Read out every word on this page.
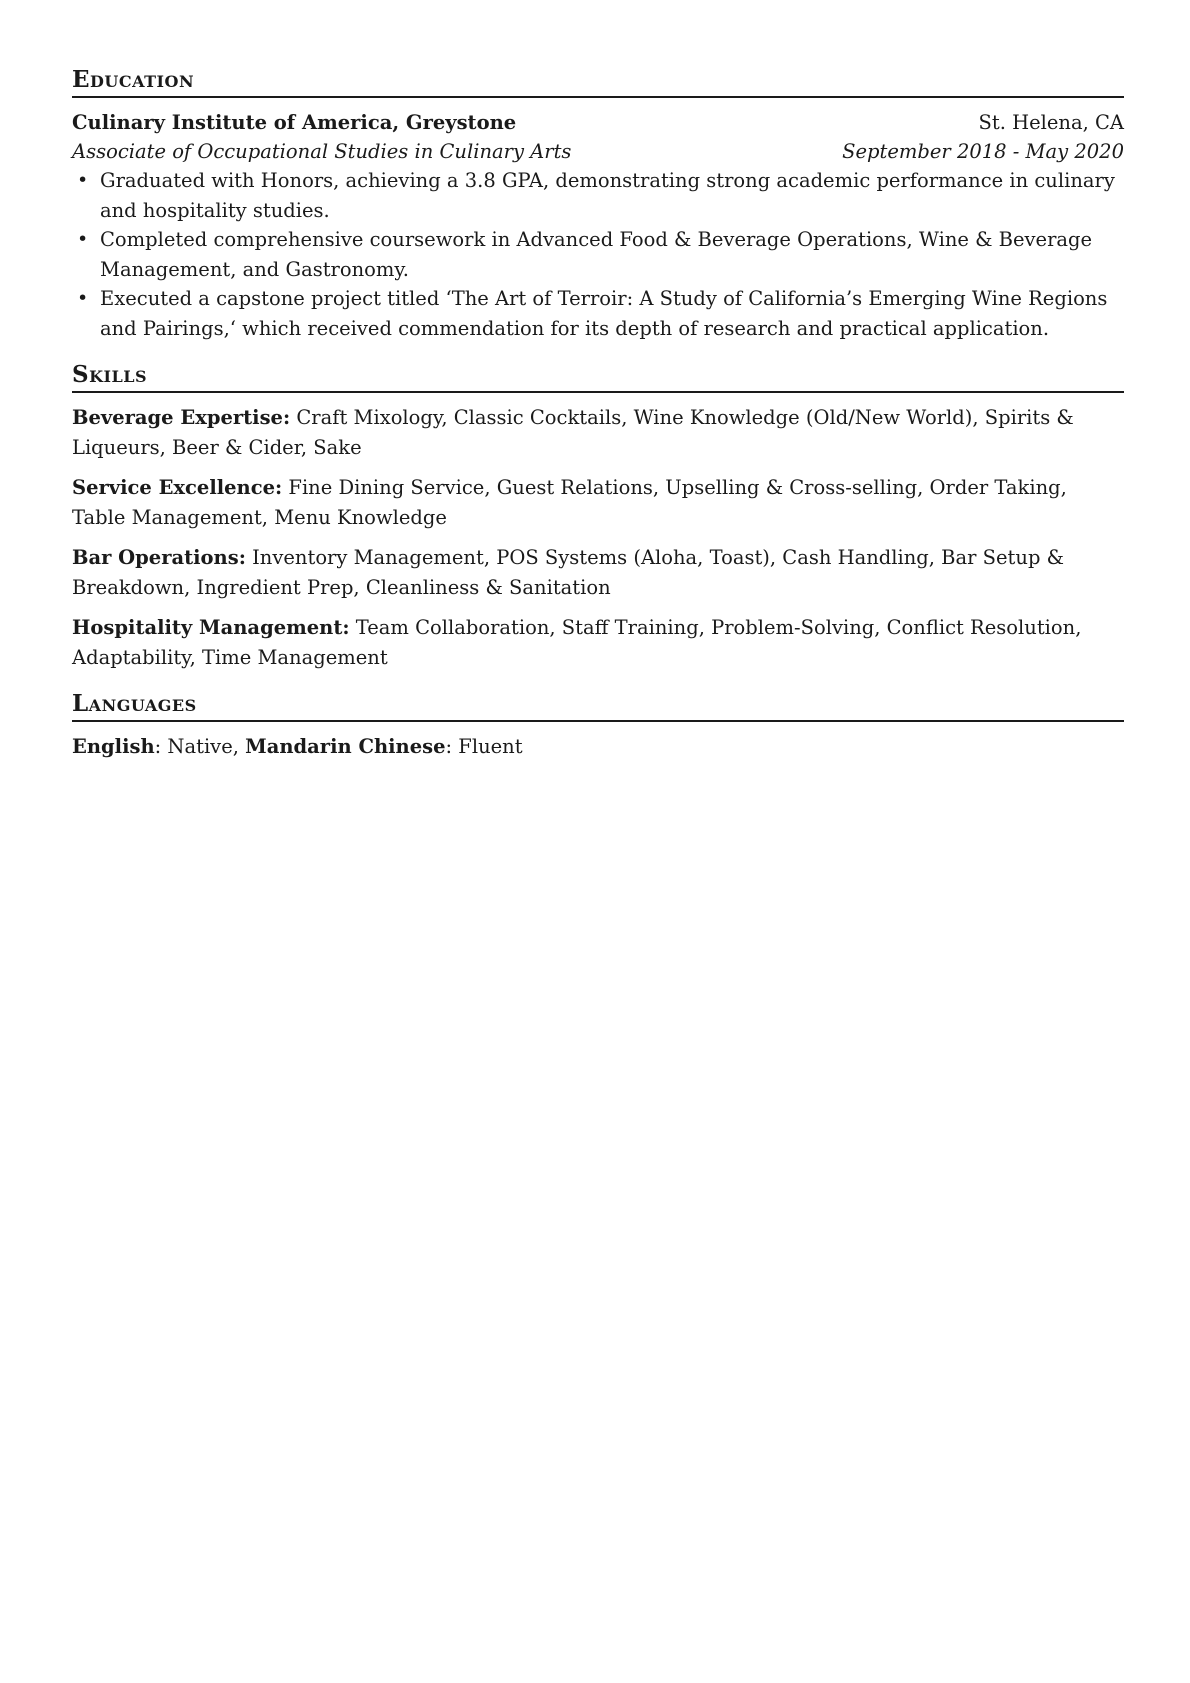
Education
Culinary Institute of America, Greystone	St. Helena, CA
Associate of Occupational Studies in Culinary Arts	September 2018 - May 2020
• Graduated with Honors, achieving a 3.8 GPA, demonstrating strong academic performance in culinary and hospitality studies.
• Completed comprehensive coursework in Advanced Food & Beverage Operations, Wine & Beverage Management, and Gastronomy.
• Executed a capstone project titled ‘The Art of Terroir: A Study of California’s Emerging Wine Regions and Pairings,‘ which received commendation for its depth of research and practical application.
Skills

Beverage Expertise: Craft Mixology, Classic Cocktails, Wine Knowledge (Old/New World), Spirits & Liqueurs, Beer & Cider, Sake

Service Excellence: Fine Dining Service, Guest Relations, Upselling & Cross-selling, Order Taking, Table Management, Menu Knowledge

Bar Operations: Inventory Management, POS Systems (Aloha, Toast), Cash Handling, Bar Setup & Breakdown, Ingredient Prep, Cleanliness & Sanitation

Hospitality Management: Team Collaboration, Staff Training, Problem-Solving, Conflict Resolution, Adaptability, Time Management

Languages
English: Native, Mandarin Chinese: Fluent
